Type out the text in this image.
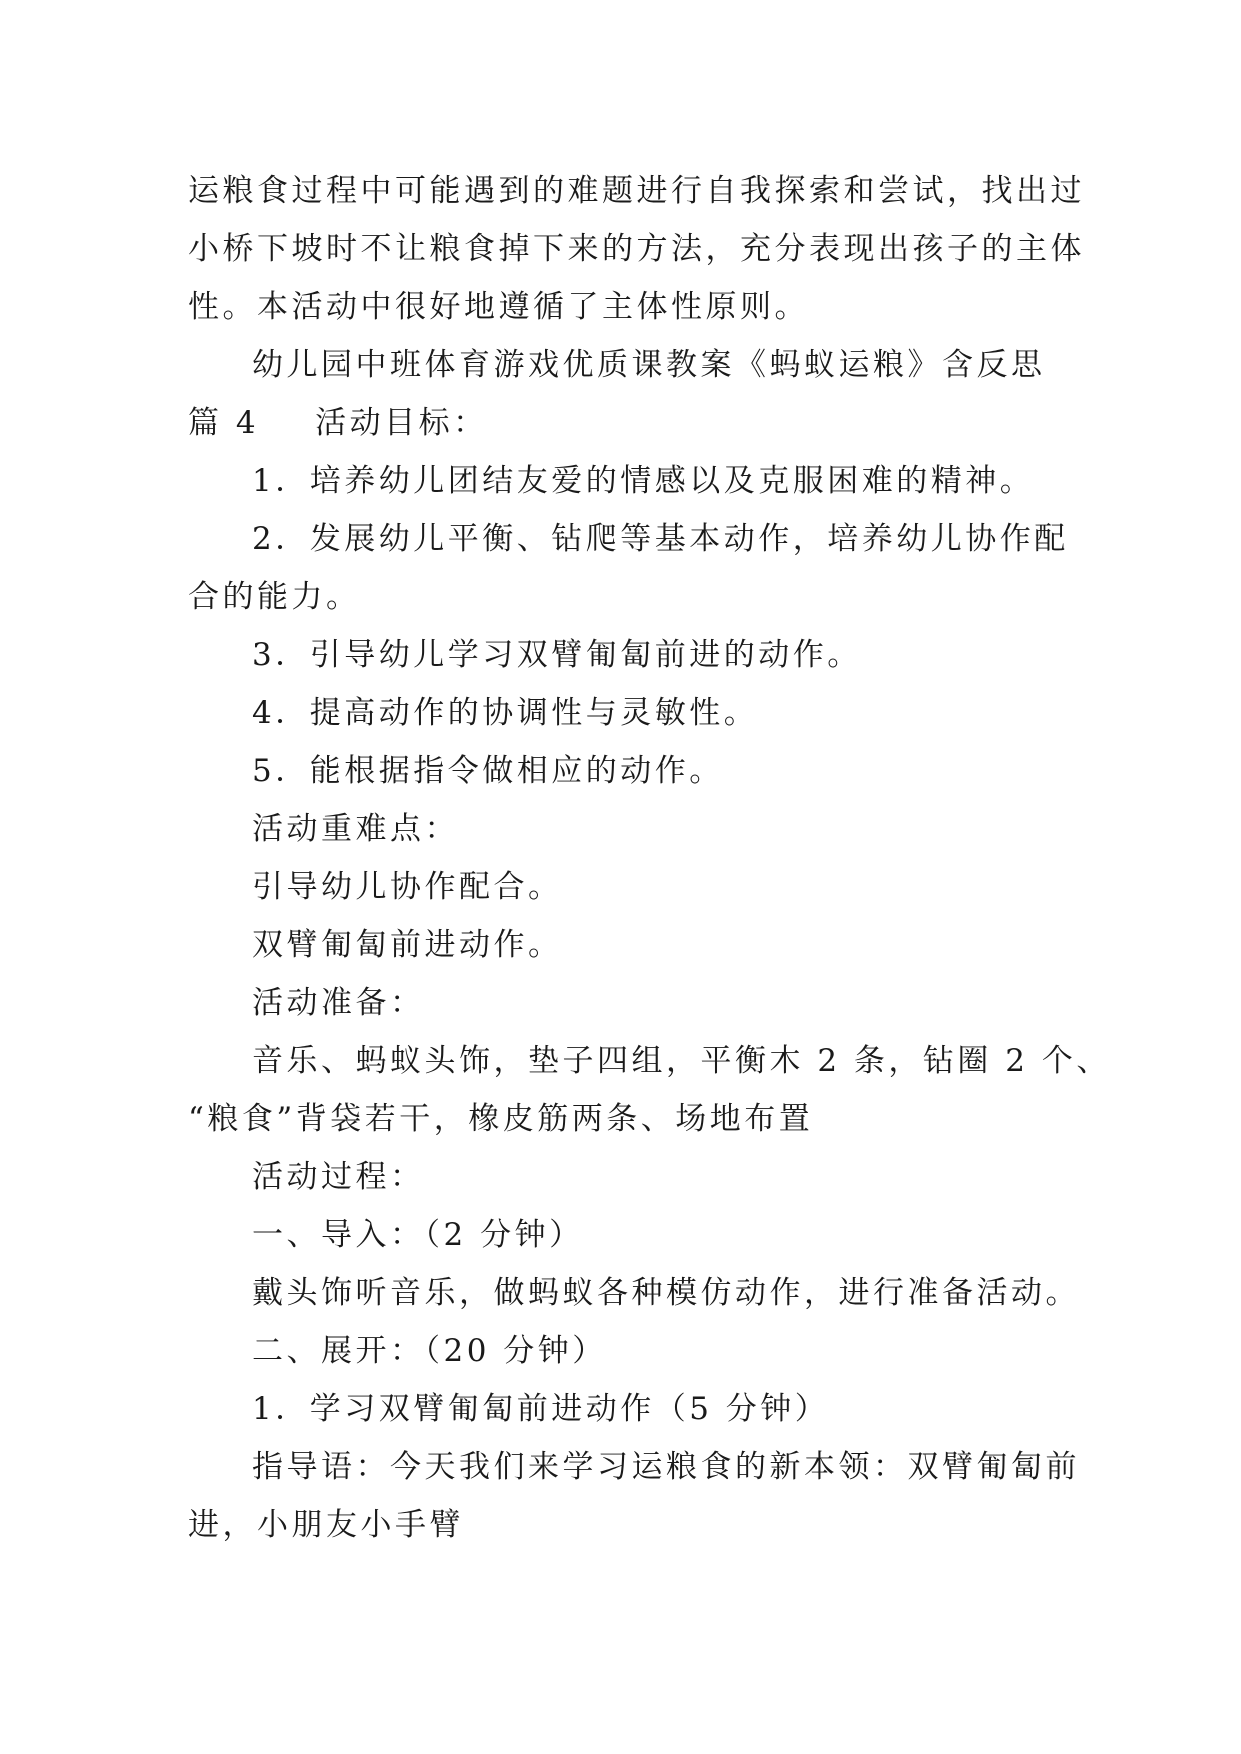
运粮食过程中可能遇到的难题进行自我探索和尝试，找出过

小桥下坡时不让粮食掉下来的方法，充分表现出孩子的主体

性。本活动中很好地遵循了主体性原则。

幼儿园中班体育游戏优质课教案《蚂蚁运粮》含反思

篇 4 活动目标：

1．培养幼儿团结友爱的情感以及克服困难的精神。

2．发展幼儿平衡、钻爬等基本动作，培养幼儿协作配

合的能力。

3．引导幼儿学习双臂匍匐前进的动作。

4．提高动作的协调性与灵敏性。

5．能根据指令做相应的动作。

活动重难点：

引导幼儿协作配合。

双臂匍匐前进动作。

活动准备：

音乐、蚂蚁头饰，垫子四组，平衡木 2 条，钻圈 2 个、

“粮食”背袋若干，橡皮筋两条、场地布置

活动过程：

一、导入：（2 分钟）

戴头饰听音乐，做蚂蚁各种模仿动作，进行准备活动。

二、展开：（20 分钟）

1．学习双臂匍匐前进动作（5 分钟）

指导语：今天我们来学习运粮食的新本领：双臂匍匐前

进，小朋友小手臂
